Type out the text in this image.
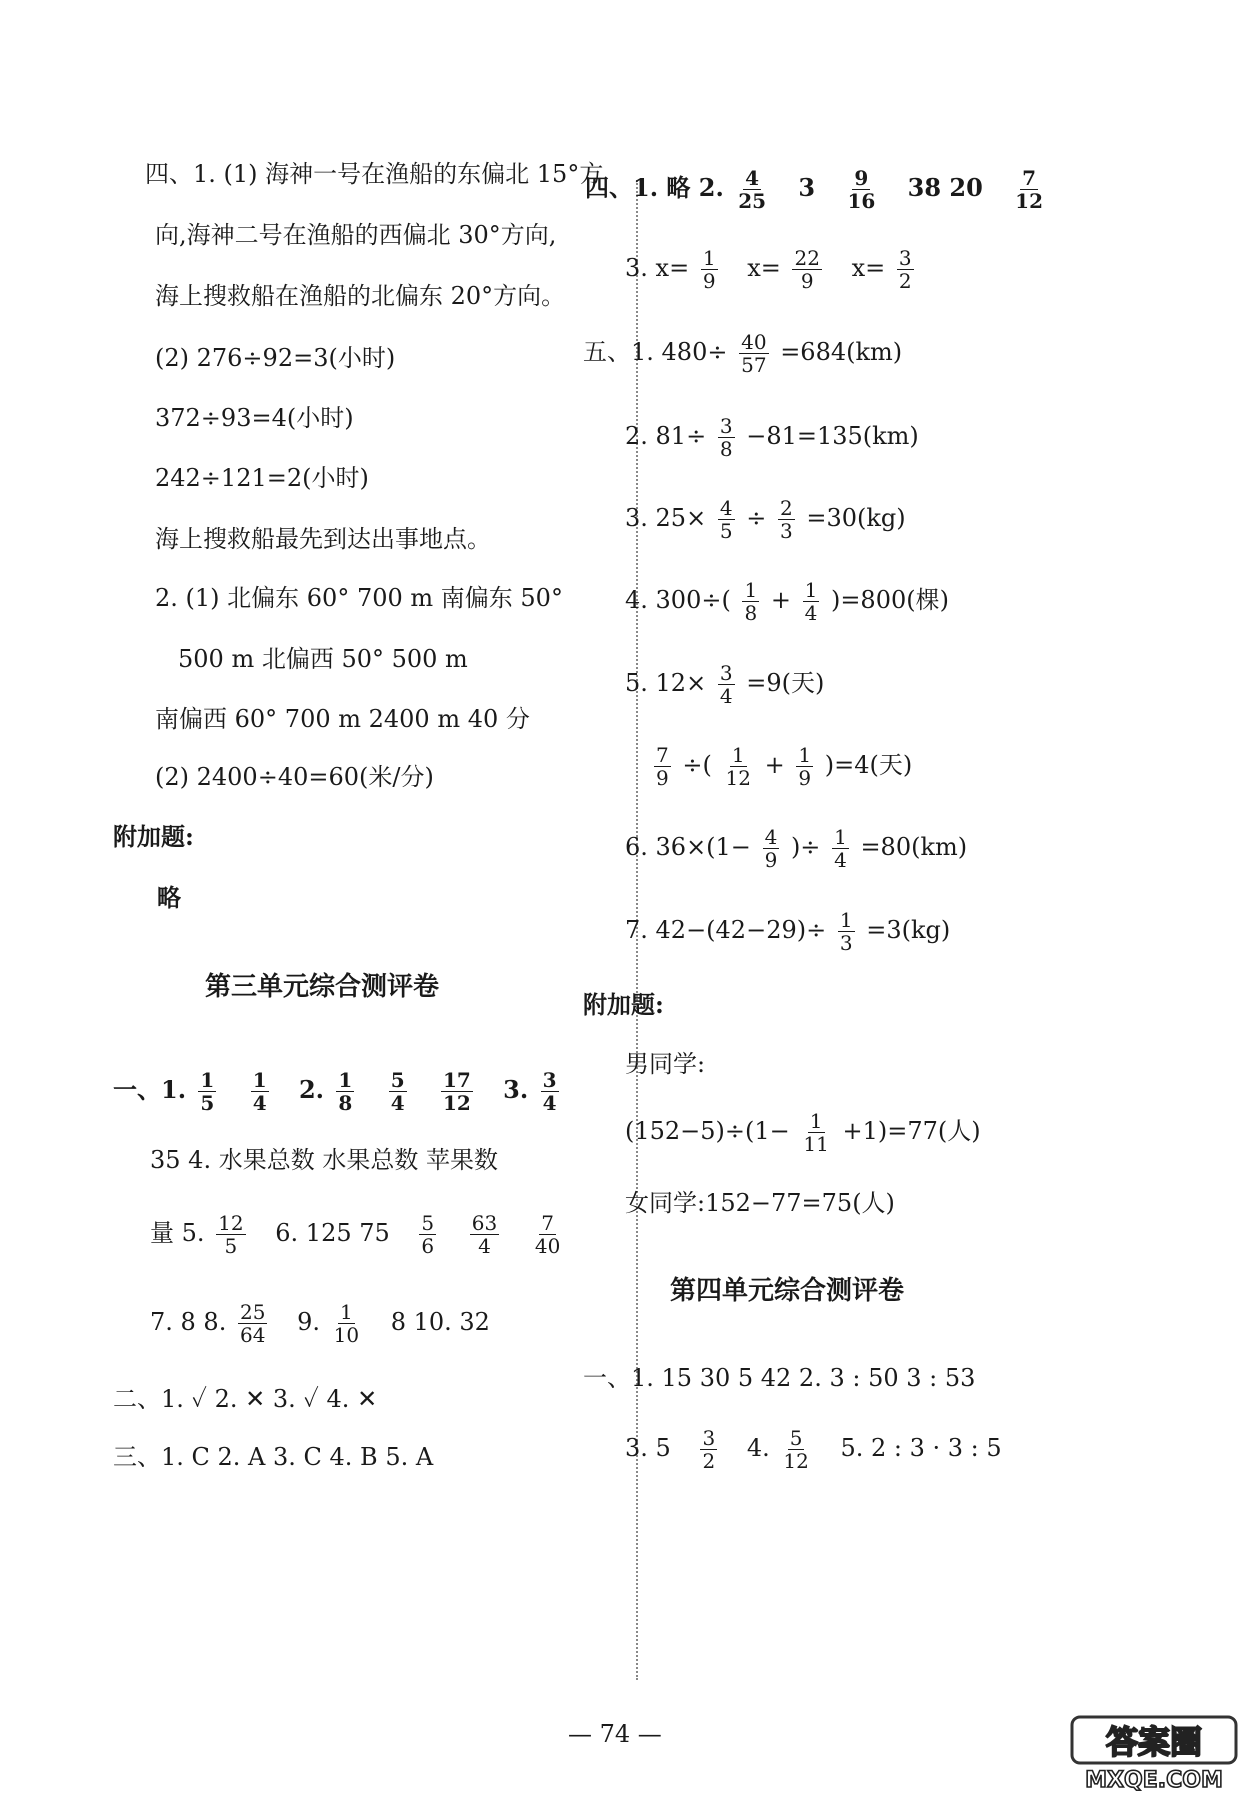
四、1. (1) 海神一号在渔船的东偏北 15°方
向,海神二号在渔船的西偏北 30°方向,
海上搜救船在渔船的北偏东 20°方向。
(2) 276÷92=3(小时)
372÷93=4(小时)
242÷121=2(小时)
海上搜救船最先到达出事地点。
2. (1) 北偏东 60° 700 m 南偏东 50°
500 m 北偏西 50° 500 m
南偏西 60° 700 m 2400 m 40 分
(2) 2400÷40=60(米/分)
附加题:
略
第三单元综合测评卷
一、1. $\frac{1}{5}$
$\frac{1}{4} 2$. $\frac{1}{8}$
$\frac{5}{4}$
$\frac{17}{12} 3$. $\frac{3}{4}$
35 4. 水果总数 水果总数 苹果数
量 5. $\frac{12}{5} 6$. 125 $75 \frac{5}{6}$
$\frac{63}{4}$
$\frac{7}{40}$
7. 8 8. $\frac{25}{64} 9$. $\frac{1}{10} 8$ 10. 32
二、1. ✓ 2. ✕ 3. ✓ 4. ✕
三、1. C 2. A 3. C 4. B 5. A
四、1. 略 2. $\frac{4}{25} 3 \frac{9}{16} 38$ $20 \frac{7}{12}$
3. $x= \frac{1}{9} x= \frac{22}{9} x= \frac{3}{2}$
五、1. $480\div \frac{40}{57} =684(km)$
2. $81\div \frac{3}{8} -81=135(km)$
3. $25\times \frac{4}{5} \div \frac{2}{3} =30(kg)$
4. $300\div( \frac{1}{8} + \frac{1}{4} )=800$(棵)
5. $12\times \frac{3}{4} =9$(天)
$\frac{7}{9}$ ÷( $\frac{1}{12} + \frac{1}{9} )=4$(天)
6. $36\times(1- \frac{4}{9}$ )÷ $\frac{1}{4} =80(km)$
7. $42-(42-29)\div \frac{1}{3} =3(kg)$
附加题:
男同学:
$(152-5)\div(1- \frac{1}{11} +1)=77$(人)
女同学:152−77=75(人)
第四单元综合测评卷
一、1. 15 30 5 42 2. 3 : 50 3 : 53
3. $5 \frac{3}{2} 4$. $\frac{5}{12} 5$. 2 : 3 · 3 : 5
— 74 —	答案圈
MXQE.COM
